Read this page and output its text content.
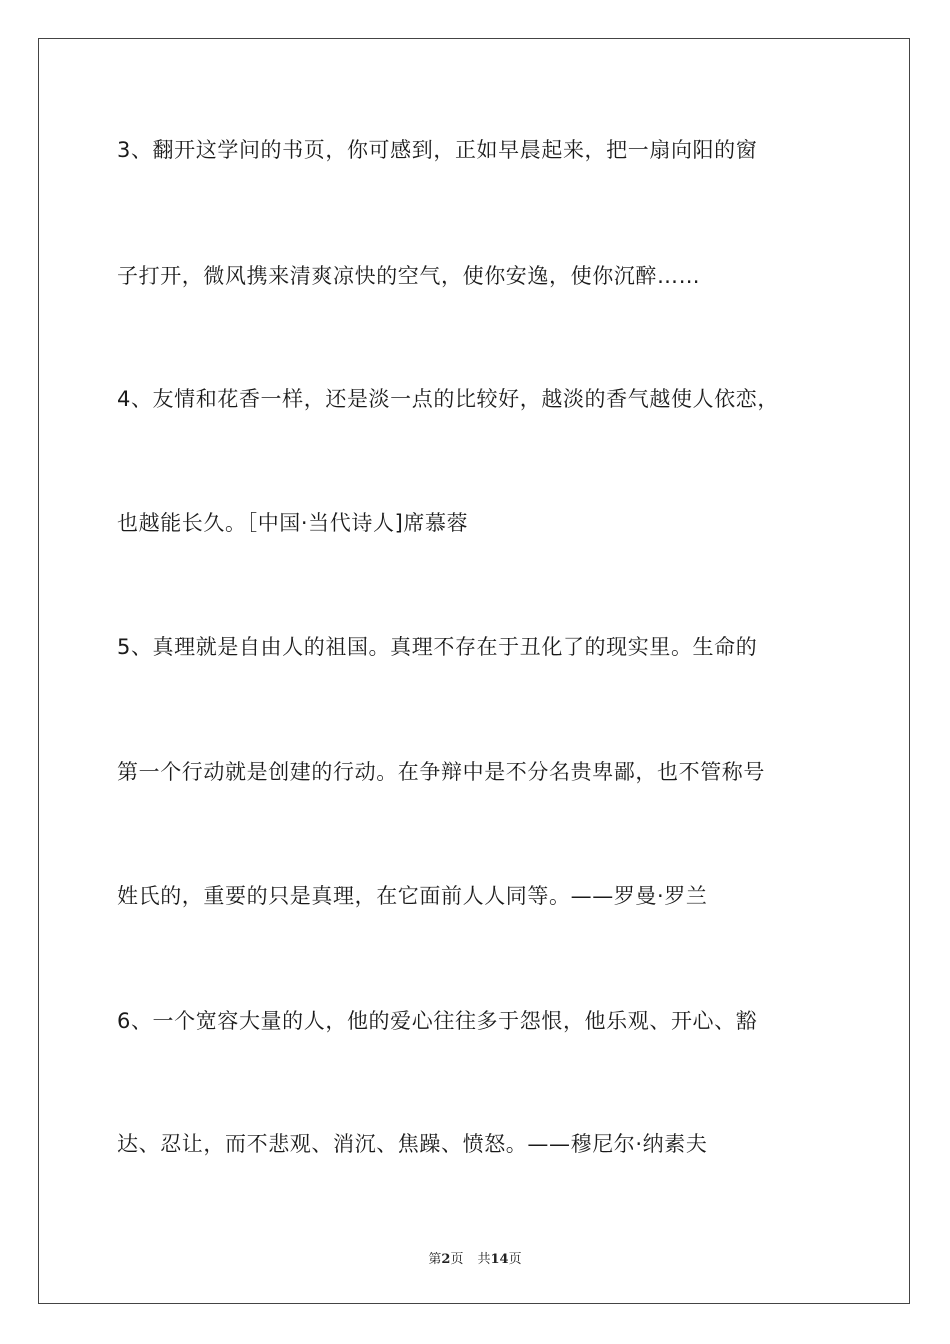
3、翻开这学问的书页，你可感到，正如早晨起来，把一扇向阳的窗
子打开，微风携来清爽凉快的空气，使你安逸，使你沉醉……
4、友情和花香一样，还是淡一点的比较好，越淡的香气越使人依恋，
也越能长久。［中国·当代诗人]席慕蓉
5、真理就是自由人的祖国。真理不存在于丑化了的现实里。生命的
第一个行动就是创建的行动。在争辩中是不分名贵卑鄙，也不管称号
姓氏的，重要的只是真理，在它面前人人同等。——罗曼·罗兰
6、一个宽容大量的人，他的爱心往往多于怨恨，他乐观、开心、豁
达、忍让，而不悲观、消沉、焦躁、愤怒。——穆尼尔·纳素夫
第2页 共14页
